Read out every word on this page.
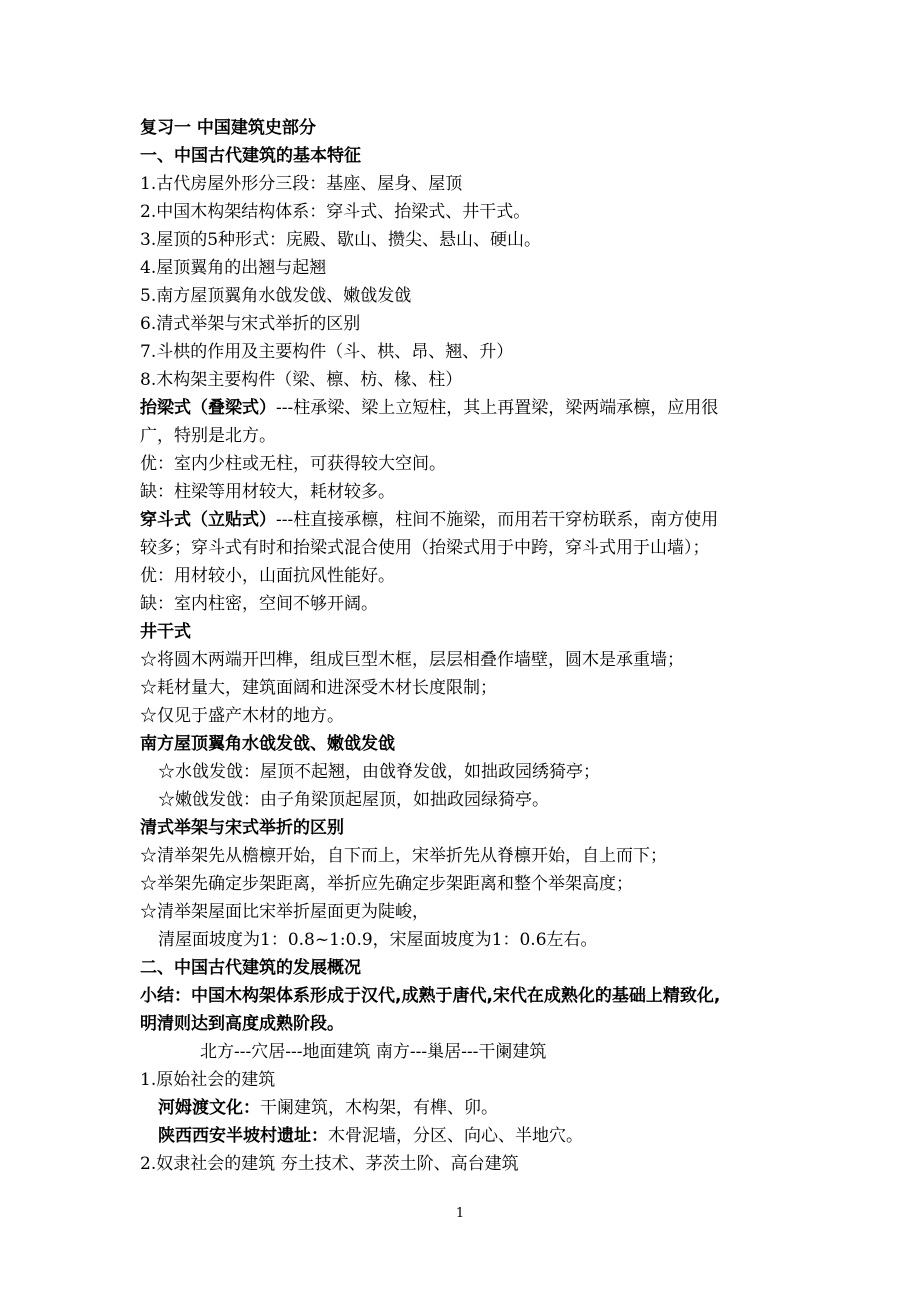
复习一 中国建筑史部分
一、中国古代建筑的基本特征
1.古代房屋外形分三段：基座、屋身、屋顶
2.中国木构架结构体系：穿斗式、抬梁式、井干式。
3.屋顶的5种形式：庑殿、歇山、攒尖、悬山、硬山。
4.屋顶翼角的出翘与起翘
5.南方屋顶翼角水戗发戗、嫩戗发戗
6.清式举架与宋式举折的区别
7.斗栱的作用及主要构件（斗、栱、昂、翘、升）
8.木构架主要构件（梁、檩、枋、椽、柱）
抬梁式（叠梁式）---柱承梁、梁上立短柱，其上再置梁，梁两端承檩，应用很
广，特别是北方。
优：室内少柱或无柱，可获得较大空间。
缺：柱梁等用材较大，耗材较多。
穿斗式（立贴式）---柱直接承檩，柱间不施梁，而用若干穿枋联系，南方使用
较多；穿斗式有时和抬梁式混合使用（抬梁式用于中跨，穿斗式用于山墙）；
优：用材较小，山面抗风性能好。
缺：室内柱密，空间不够开阔。
井干式
☆将圆木两端开凹榫，组成巨型木框，层层相叠作墙壁，圆木是承重墙；
☆耗材量大，建筑面阔和进深受木材长度限制；
☆仅见于盛产木材的地方。
南方屋顶翼角水戗发戗、嫩戗发戗
☆水戗发戗：屋顶不起翘，由戗脊发戗，如拙政园绣猗亭；
☆嫩戗发戗：由子角梁顶起屋顶，如拙政园绿猗亭。
清式举架与宋式举折的区别
☆清举架先从檐檩开始，自下而上，宋举折先从脊檩开始，自上而下；
☆举架先确定步架距离，举折应先确定步架距离和整个举架高度；
☆清举架屋面比宋举折屋面更为陡峻，
清屋面坡度为1：0.8~1:0.9，宋屋面坡度为1：0.6左右。
二、中国古代建筑的发展概况
小结：中国木构架体系形成于汉代,成熟于唐代,宋代在成熟化的基础上精致化,
明清则达到高度成熟阶段。
北方---穴居---地面建筑 南方---巢居---干阑建筑
1.原始社会的建筑
河姆渡文化：干阑建筑，木构架，有榫、卯。
陕西西安半坡村遗址：木骨泥墙，分区、向心、半地穴。
2.奴隶社会的建筑 夯土技术、茅茨土阶、高台建筑
1
